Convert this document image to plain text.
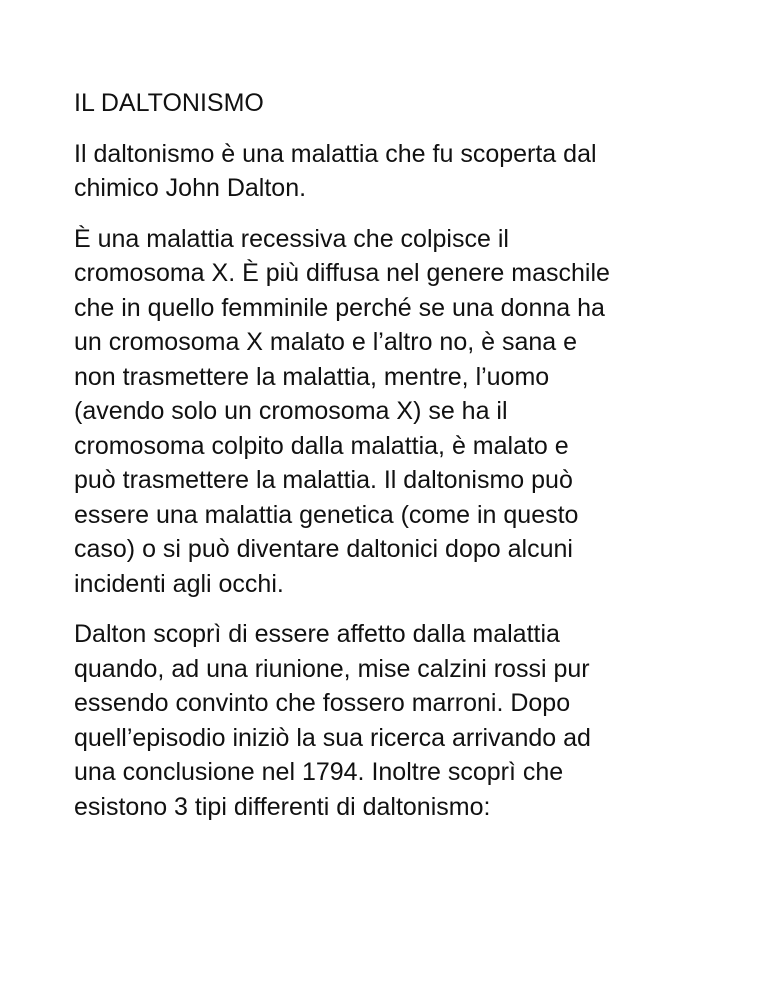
IL DALTONISMO

Il daltonismo è una malattia che fu scoperta dal
chimico John Dalton.

È una malattia recessiva che colpisce il
cromosoma X. È più diffusa nel genere maschile
che in quello femminile perché se una donna ha
un cromosoma X malato e l’altro no, è sana e
non trasmettere la malattia, mentre, l’uomo
(avendo solo un cromosoma X) se ha il
cromosoma colpito dalla malattia, è malato e
può trasmettere la malattia. Il daltonismo può
essere una malattia genetica (come in questo
caso) o si può diventare daltonici dopo alcuni
incidenti agli occhi.

Dalton scoprì di essere affetto dalla malattia
quando, ad una riunione, mise calzini rossi pur
essendo convinto che fossero marroni. Dopo
quell’episodio iniziò la sua ricerca arrivando ad
una conclusione nel 1794. Inoltre scoprì che
esistono 3 tipi differenti di daltonismo:
